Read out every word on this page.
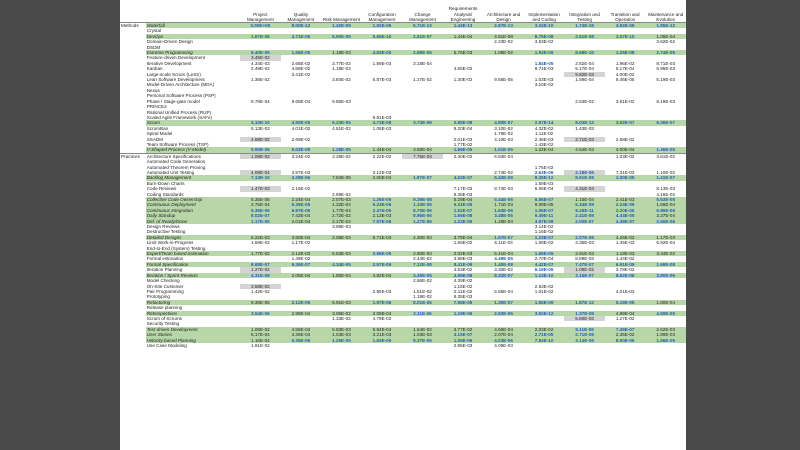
		Project Management	Quality Management	Risk Management	Configuration Management	Change Management	Requirements Analysis/ Engineering	Architecture and Design	Implementation and Coding	Integration and Testing	Transition and Operation	Maintenance and Evolution
Methods	Waterfall	0.00E+00	8.00E-13	1.42E-09	1.92E-05	5.71E-13	1.44E-13	2.87E-13	3.24E-10	1.74E-15	3.92E-09	1.85E-12
	Crystal											
	DevOps	1.67E-08	4.71E-06	5.90E-05	5.65E-10	2.51E-07	1.44E-04	4.61E-08	8.75E-08	2.51E-08	3.57E-10	1.06E-04
	Domain-Driven Design							2.23E-02	3.53E-02			3.62E-02
	DSDM											
	Extreme Programming	5.40E-05	1.66E-05	1.19E-03	4.63E-05	2.98E-05	5.76E-03	1.08E-02	1.93E-06	8.68E-10	1.26E-08	2.74E-05
	Feature-driven Development	3.45E-02										
	Iterative Development	4.34E-03	2.66E-02	3.77E-02	1.69E-03	3.18E-04			1.84E-05	2.62E-04	1.96E-02	8.71E-03
	Kanban	2.49E-02	4.66E-02	1.19E-02			4.55E-02		9.74E-03	5.17E-04	5.17E-04	5.95E-03
	Large-scale Scrum (LeSS)		3.41E-02							9.82E-03	4.00E-02	
	Lean Software Development	1.36E-02		3.84E-02	6.87E-03	1.27E-02	1.30E-02	9.56E-05	1.03E-03	1.59E-04	8.46E-05	5.19E-03
	Model-Driven Architecture (MDA)								3.10E-02			
	Nexus											
	Personal Software Process (PSP)											
	Phase / Stage-gate model	9.78E-04	9.65E-04	9.85E-03						2.53E-02	3.61E-02	9.19E-03
	PRINCE2											
	Rational Unified Process (RUP)											
	Scaled Agile Framework (SAFe)				9.91E-03							
	Scrum	3.10E-10	4.90E-05	5.23E-05	4.73E-08	3.73E-08	2.85E-08	4.80E-07	2.97E-14	8.03E-12	3.52E-07	6.36E-07
	ScrumBan	5.13E-03	4.01E-02	4.51E-02	1.08E-03		9.20E-04	3.10E-02	4.32E-02	1.43E-03		
	Spiral Model							1.76E-02	1.11E-02			
	SSADM	4.69E-02	2.69E-02				2.01E-03	4.10E-03	2.48E-03	2.71E-03	2.68E-02	
	Team Software Process (TSP)						1.77E-02		1.43E-02			
	V-Shaped Process (V-Model)	5.50E-05	6.03E-09	1.28E-05	1.44E-04	3.58E-04	1.66E-05	1.01E-05	1.22E-04	4.54E-03	4.00E-04	1.36E-05
Practices	Architecture Specifications	1.09E-02	3.24E-02	3.28E-02	2.22E-02	7.75E-03	2.30E-02	6.83E-04			1.03E-02	3.61E-02
	Automated Code Generation											
	Automated Theorem Proving								1.75E-02			
	Automated Unit Testing	4.09E-04	2.87E-03		3.12E-03			2.74E-02	2.63E-06	2.18E-06	7.31E-03	1.10E-02
	Backlog Management	7.13E-10	3.28E-06	7.84E-05	2.00E-04	1.87E-07	4.52E-07	5.43E-09	8.26E-12	8.91E-09	1.00E-05	1.41E-07
	Burn-Down Charts								1.59E-03			
	Code Reviews	1.47E-03	2.15E-02				7.17E-03	8.74E-03	6.06E-04	4.31E-04		8.13E-03
	Coding Standards			2.69E-02			8.36E-03					4.16E-02
	Collective Code Ownership	6.35E-05	2.24E-04	2.07E-03	1.26E-06	9.39E-08	5.29E-04	5.44E-06	6.56E-07	1.15E-04	2.41E-03	5.63E-05
	Continuous Deployment	2.75E-04	5.35E-05	1.32E-04	6.23E-06	1.10E-05	6.31E-05	1.71E-03	9.09E-05	5.34E-09	2.24E-09	1.66E-04
	Continuous Integration	5.36E-06	6.97E-06	1.77E-04	2.47E-05	8.70E-06	1.52E-07	1.63E-06	1.05E-07	6.26E-11	2.20E-05	6.86E-06
	Daily Standup	8.02E-07	7.42E-04	2.72E-02	2.13E-03	8.96E-06	1.66E-08	3.48E-05	6.49E-11	2.41E-09	4.44E-05	3.37E-04
	Def. of Ready/Done	1.17E-05	2.01E-04	2.17E-04	7.57E-06	1.27E-06	1.22E-05	1.28E-04	3.67E-09	2.00E-07	4.38E-07	2.50E-06
	Design Reviews			3.59E-03					3.14E-02			
	Destructive Testing								1.16E-02			
	Detailed Designs	6.22E-03	3.80E-04	2.06E-03	5.71E-03	4.30E-03	3.78E-04	1.67E-07	1.23E-07	2.07E-05	4.26E-02	1.17E-03
	Limit Work-in-Progress	1.59E-02	1.17E-02				1.66E-02	5.11E-03	1.08E-02	3.36E-03	1.45E-03	6.92E-04
	End-to-End (System) Testing											
	Expert/Team based estimation	1.77E-02	2.12E-03	6.53E-03	3.96E-05	2.80E-03	2.02E-03	5.41E-04	1.66E-05	2.91E-03	1.18E-03	3.34E-02
	Formal estimation		1.49E-02			2.44E-02	3.88E-03	4.49E-05	2.70E-04	8.89E-03	1.44E-02	
	Formal Specification	8.68E-07	9.36E-07	4.34E-05	2.57E-06	7.12E-08	8.41E-09	1.40E-09	4.42E-07	7.47E-07	6.91E-05	1.69E-08
	Iteration Planning	1.27E-02					4.53E-02	3.30E-02	6.19E-05	1.08E-02	3.78E-02	
	Iteration / Sprint Reviews	4.31E-09	2.06E-04	1.85E-04	4.82E-04	4.49E-05	4.95E-08	8.32E-07	1.13E-10	3.16E-07	8.62E-06	3.80E-06
	Model Checking					2.86E-02	4.39E-02					
	On-Site Customer	3.59E-02					1.15E-02		2.63E-02			
	Pair Programming	1.42E-02			2.95E-03	1.51E-02	2.11E-02	5.65E-04	1.01E-02		4.01E-03	
	Prototyping					1.19E-02	8.35E-03					
	Refactoring	9.36E-05	2.12E-05	5.91E-03	1.97E-06	8.01E-06	7.96E-06	1.30E-07	1.55E-09	1.87E-12	5.19E-05	1.80E-04
	Release planning											
	Retrospectives	3.54E-06	2.96E-04	3.05E-02	2.08E-04	2.11E-06	1.19E-06	2.92E-05	3.92E-12	1.37E-09	4.89E-04	4.59E-05
	Scrum of Scrums			1.33E-02	4.79E-02					5.60E-03	1.27E-02	
	Security Testing											
	Test-driven Development	1.06E-02	4.56E-03	5.93E-03	5.94E-04	1.64E-02	3.77E-02	4.66E-04	2.03E-02	5.11E-06	7.49E-07	2.62E-03
	User Stories	5.17E-04	4.39E-04	1.04E-03	3.21E-03	1.03E-03	4.15E-07	2.07E-04	2.71E-05	2.71E-05	2.35E-02	1.89E-03
	Velocity-based Planning	1.16E-04	6.35E-06	1.26E-05	1.63E-05	8.37E-06	1.05E-06	4.03E-06	7.84E-10	3.14E-06	8.90E-06	1.96E-05
	Use Case Modeling	1.91E-02					2.95E-03	4.09E-03				
